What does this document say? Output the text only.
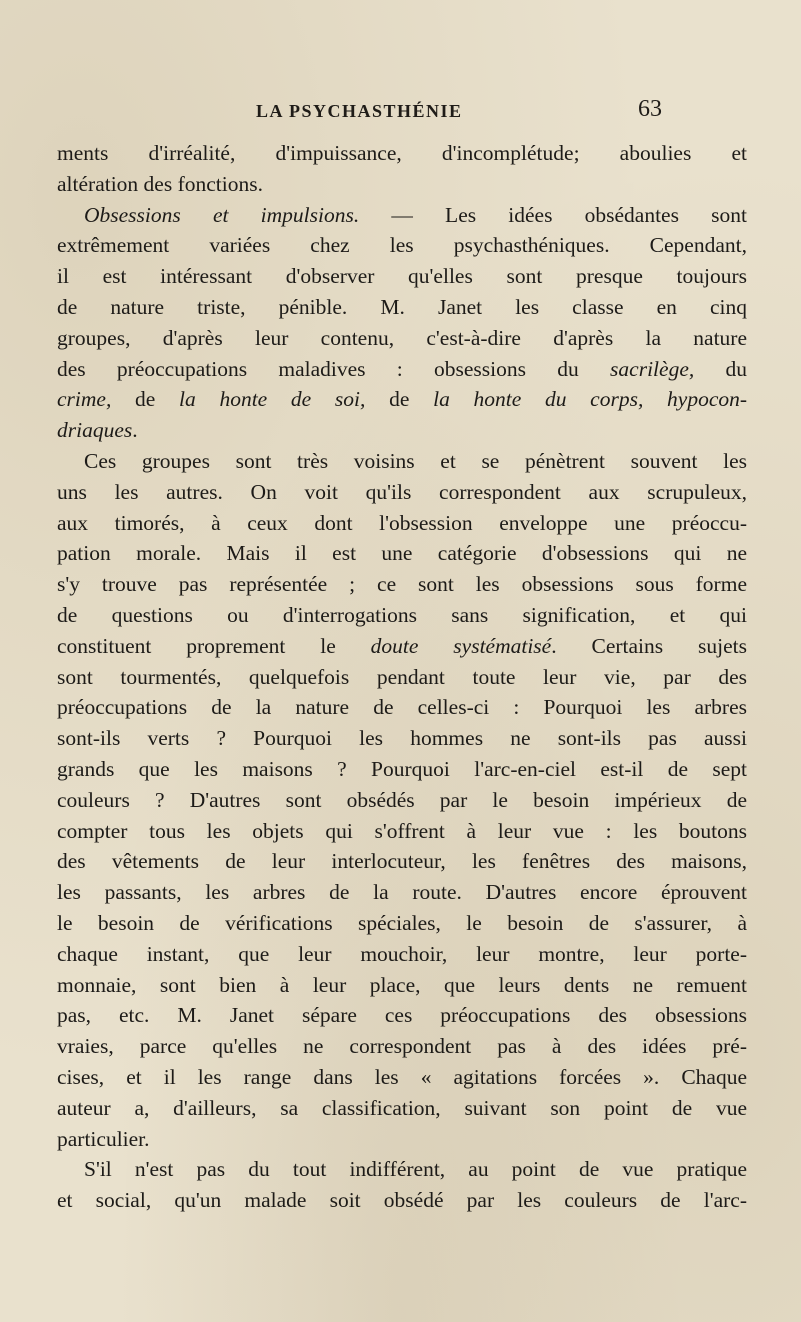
LA PSYCHASTHÉNIE	63
ments d'irréalité, d'impuissance, d'incomplétude; aboulies et
altération des fonctions.
Obsessions et impulsions. — Les idées obsédantes sont
extrêmement variées chez les psychasthéniques. Cependant,
il est intéressant d'observer qu'elles sont presque toujours
de nature triste, pénible. M. Janet les classe en cinq
groupes, d'après leur contenu, c'est-à-dire d'après la nature
des préoccupations maladives : obsessions du sacrilège, du
crime, de la honte de soi, de la honte du corps, hypocon-
driaques.
Ces groupes sont très voisins et se pénètrent souvent les
uns les autres. On voit qu'ils correspondent aux scrupuleux,
aux timorés, à ceux dont l'obsession enveloppe une préoccu-
pation morale. Mais il est une catégorie d'obsessions qui ne
s'y trouve pas représentée ; ce sont les obsessions sous forme
de questions ou d'interrogations sans signification, et qui
constituent proprement le doute systématisé. Certains sujets
sont tourmentés, quelquefois pendant toute leur vie, par des
préoccupations de la nature de celles-ci : Pourquoi les arbres
sont-ils verts ? Pourquoi les hommes ne sont-ils pas aussi
grands que les maisons ? Pourquoi l'arc-en-ciel est-il de sept
couleurs ? D'autres sont obsédés par le besoin impérieux de
compter tous les objets qui s'offrent à leur vue : les boutons
des vêtements de leur interlocuteur, les fenêtres des maisons,
les passants, les arbres de la route. D'autres encore éprouvent
le besoin de vérifications spéciales, le besoin de s'assurer, à
chaque instant, que leur mouchoir, leur montre, leur porte-
monnaie, sont bien à leur place, que leurs dents ne remuent
pas, etc. M. Janet sépare ces préoccupations des obsessions
vraies, parce qu'elles ne correspondent pas à des idées pré-
cises, et il les range dans les « agitations forcées ». Chaque
auteur a, d'ailleurs, sa classification, suivant son point de vue
particulier.
S'il n'est pas du tout indifférent, au point de vue pratique
et social, qu'un malade soit obsédé par les couleurs de l'arc-
